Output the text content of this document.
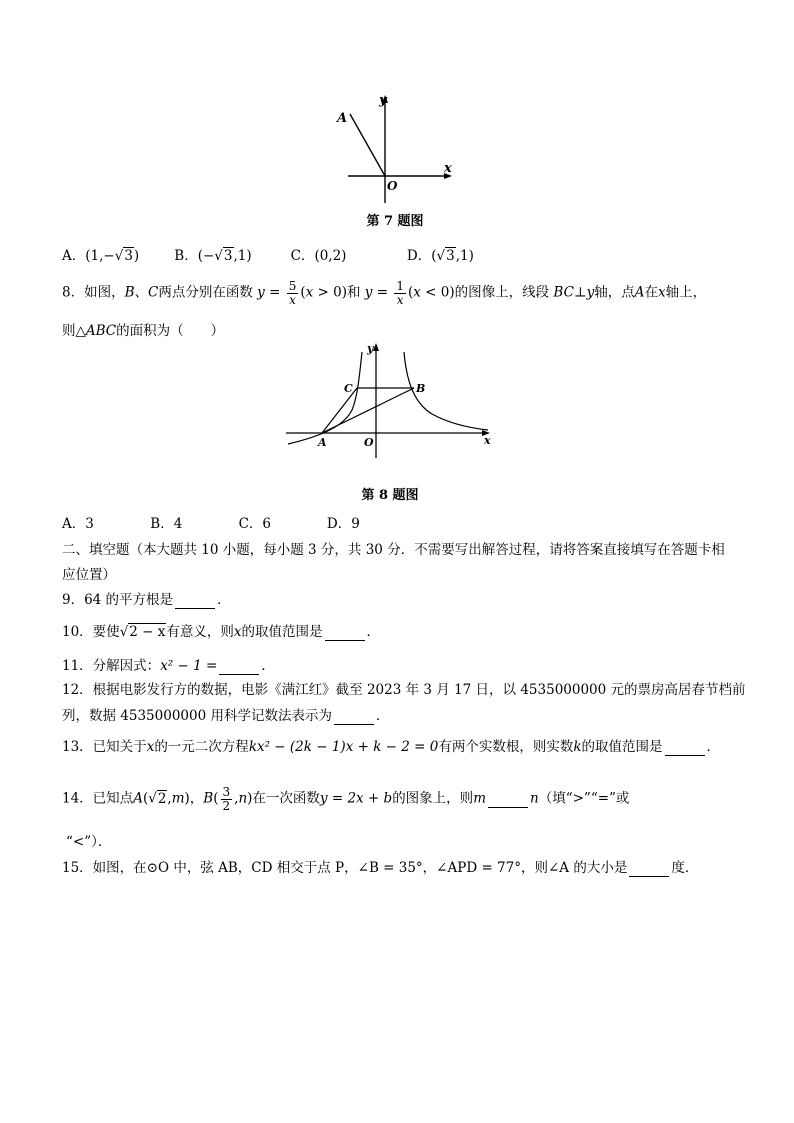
A
y
x
O
第 7 题图
A．(1,−√3)	B．(−√3,1)	C．(0,2)	D．(√3,1)
8．如图，B、C两点分别在函数 $y = \frac{5}{x} (x > 0)$和 $y = \frac{1}{x} (x < 0)$的图像上，线段 BC⊥y轴，点A在x轴上，
则△ABC的面积为（　　）
y
C	B
A	O	x
第 8 题图
A．3	B．4	C．6	D．9
二、填空题（本大题共 10 小题，每小题 3 分，共 30 分．不需要写出解答过程，请将答案直接填写在答题卡相
应位置）
9．64 的平方根是	．
10．要使√2 − x有意义，则x的取值范围是	．
11．分解因式：x² − 1 =	．
12．根据电影发行方的数据，电影《满江红》截至 2023 年 3 月 17 日，以 4535000000 元的票房高居春节档前
列，数据 4535000000 用科学记数法表示为	．
13．已知关于x的一元二次方程kx² − (2k − 1)x + k − 2 = 0有两个实数根，则实数k的取值范围是	．
14．已知点A(√2,m)，$B( \frac{3}{2} ,n)$在一次函数y = 2x + b的图象上，则m	n（填“>”“=”或
“<”）．
15．如图，在⊙O 中，弦 AB，CD 相交于点 P，∠B = 35°，∠APD = 77°，则∠A 的大小是	度．
